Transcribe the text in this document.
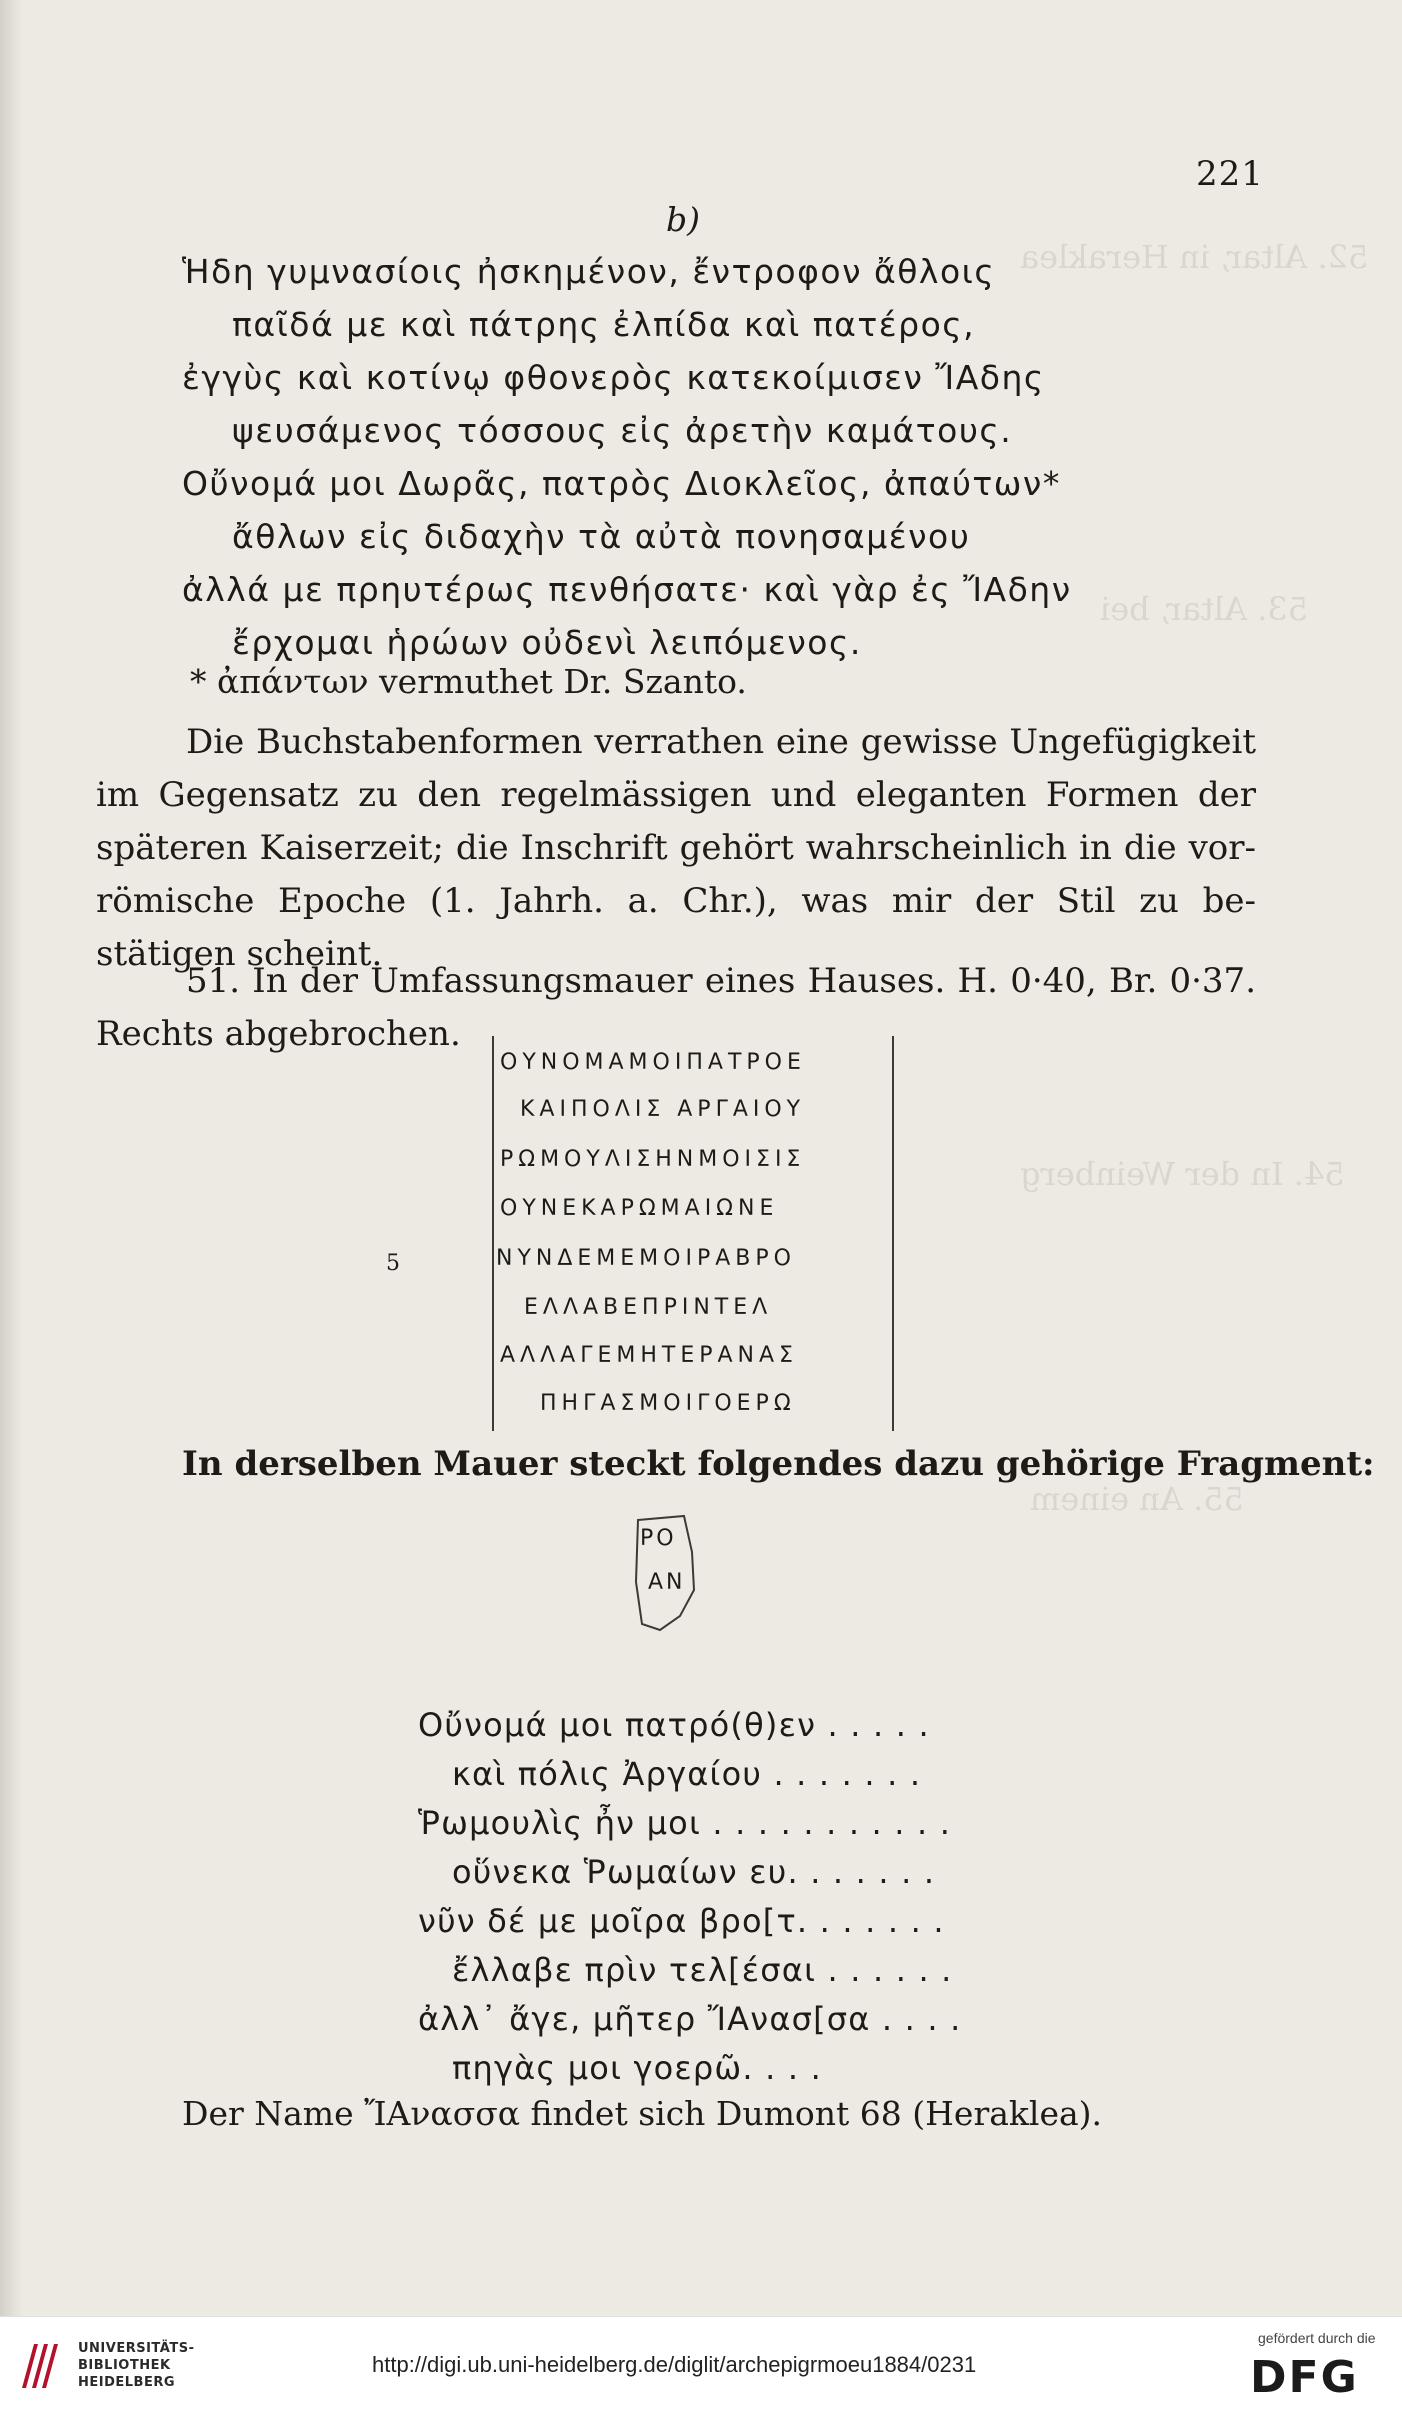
52. Altar, in Heraklea
53. Altar, bei
54. In der Weinberg
55. An einem
221
b)
Ἡδη γυμνασίοις ἠσκημένον, ἔντροφον ἄθλοις
παῖδά με καὶ πάτρης ἐλπίδα καὶ πατέρος,
ἐγγὺς καὶ κοτίνῳ φθονερὸς κατεκοίμισεν ἼΑδης
ψευσάμενος τόσσους εἰς ἀρετὴν καμάτους.
Οὔνομά μοι Δωρᾶς, πατρὸς Διοκλεῖος, ἀπαύτων*
ἄθλων εἰς διδαχὴν τὰ αὐτὰ πονησαμένου
ἀλλά με πρηυτέρως πενθήσατε· καὶ γὰρ ἐς ἼΑδην
ἔρχομαι ἡρώων οὐδενὶ λειπόμενος.
* ἀπάντων vermuthet Dr. Szanto.
Die Buchstabenformen verrathen eine gewisse Ungefügigkeit
im Gegensatz zu den regelmässigen und eleganten Formen der
späteren Kaiserzeit; die Inschrift gehört wahrscheinlich in die vor-
römische Epoche (1. Jahrh. a. Chr.), was mir der Stil zu be-
stätigen scheint.
51. In der Umfassungsmauer eines Hauses. H. 0·40, Br. 0·37.
Rechts abgebrochen.
ΟΥΝΟΜΑΜΟΙΠΑΤΡΟΕ
ΚΑΙΠΟΛΙΣ ΑΡΓΑΙΟΥ
ΡΩΜΟΥΛΙΣΗΝΜΟΙΣΙΣ
ΟΥΝΕΚΑΡΩΜΑΙΩΝΕ
ΝΥΝΔΕΜΕΜΟΙΡΑΒΡΟ
ΕΛΛΑΒΕΠΡΙΝΤΕΛ
ΑΛΛΑΓΕΜΗΤΕΡΑΝΑΣ
ΠΗΓΑΣΜΟΙΓΟΕΡΩ
5
In derselben Mauer steckt folgendes dazu gehörige Fragment:
ΡΟ
ΑΝ
Οὔνομά μοι πατρό(θ)εν . . . . .
καὶ πόλις Ἀργαίου . . . . . . .
Ῥωμουλὶς ἦν μοι . . . . . . . . . . .
οὕνεκα Ῥωμαίων ευ. . . . . . .
νῦν δέ με μοῖρα βρο[τ. . . . . . .
ἔλλαβε πρὶν τελ[έσαι . . . . . .
ἀλλ᾽ ἄγε, μῆτερ ἼΑνασ[σα . . . .
πηγὰς μοι γοερῶ. . . .
Der Name ἼΑνασσα findet sich Dumont 68 (Heraklea).
UNIVERSITÄTS-
BIBLIOTHEK
HEIDELBERG
http://digi.ub.uni-heidelberg.de/diglit/archepigrmoeu1884/0231
gefördert durch die
DFG
